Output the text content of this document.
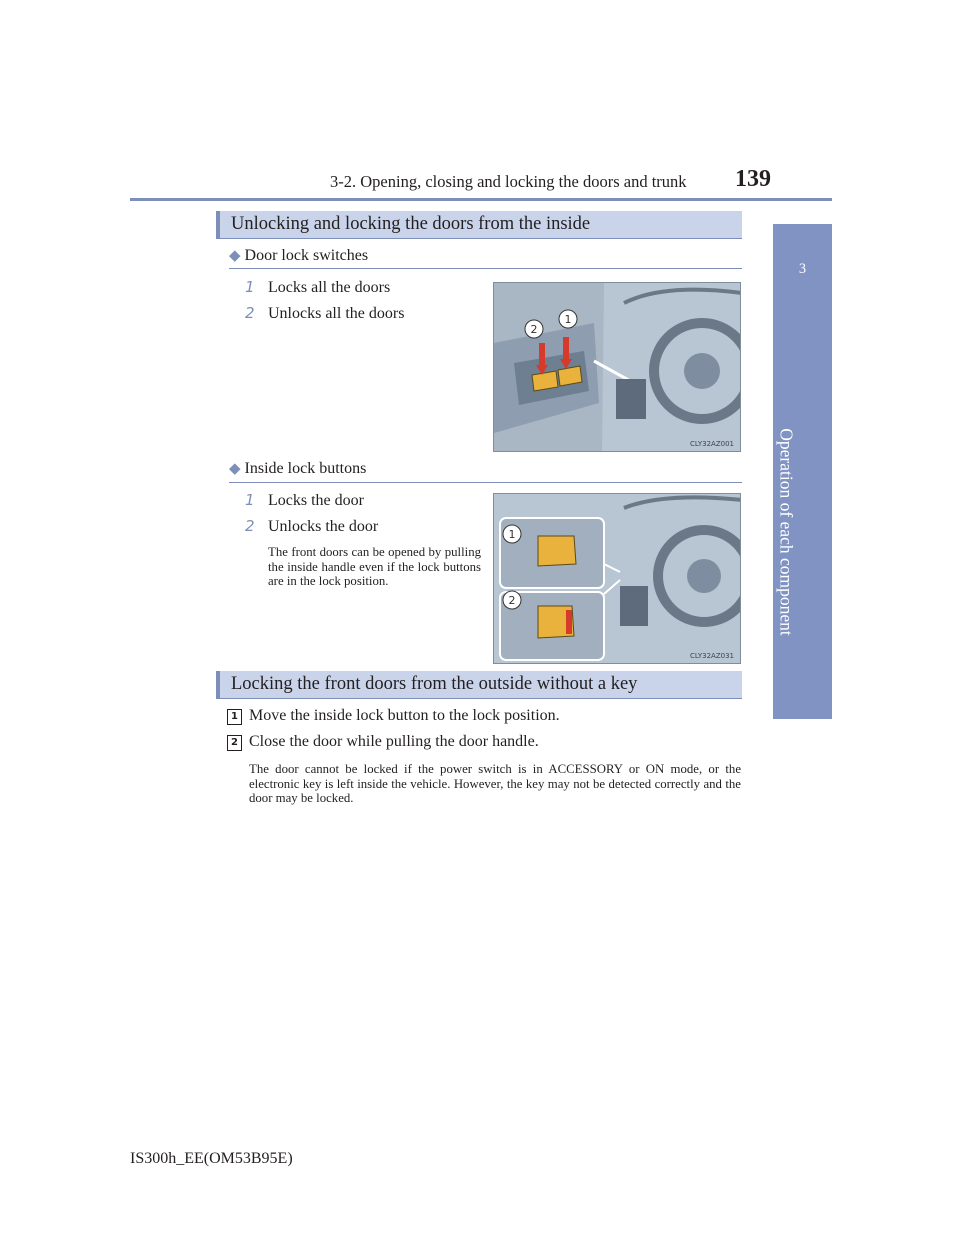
3-2. Opening, closing and locking the doors and trunk 139
3
Operation of each component
Unlocking and locking the doors from the inside
◆ Door lock switches
1 Locks all the doors
2 Unlocks all the doors
2
1
CLY32AZ001
◆ Inside lock buttons
1 Locks the door
2 Unlocks the door
The front doors can be opened by pulling the inside handle even if the lock buttons are in the lock position.
1
2
CLY32AZ031
Locking the front doors from the outside without a key
1 Move the inside lock button to the lock position.
2 Close the door while pulling the door handle.
The door cannot be locked if the power switch is in ACCESSORY or ON mode, or the electronic key is left inside the vehicle. However, the key may not be detected correctly and the door may be locked.
IS300h_EE(OM53B95E)
